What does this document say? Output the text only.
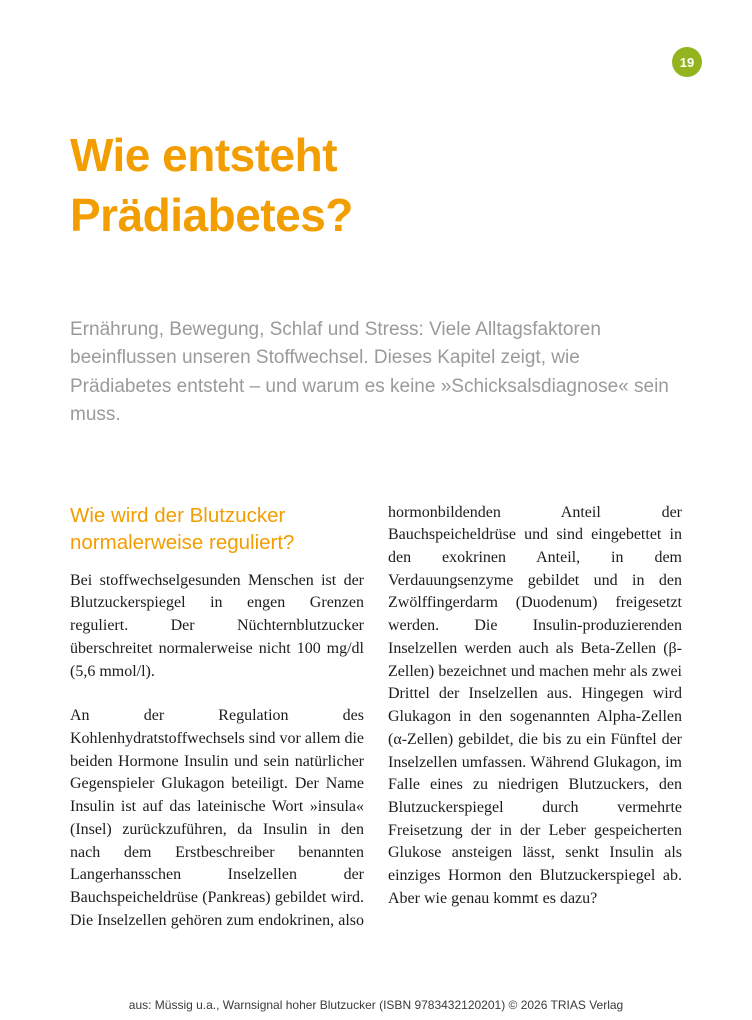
19
Wie entsteht Prädiabetes?

Ernährung, Bewegung, Schlaf und Stress: Viele Alltagsfaktoren beeinflussen unseren Stoffwechsel. Dieses Kapitel zeigt, wie Prädiabetes entsteht – und warum es keine »Schicksalsdiagnose« sein muss.

Wie wird der Blutzucker normalerweise reguliert?

Bei stoffwechselgesunden Menschen ist der Blutzuckerspiegel in engen Grenzen reguliert. Der Nüchternblutzucker überschreitet normalerweise nicht 100 mg/dl (5,6 mmol/l).

An der Regulation des Kohlenhydratstoffwechsels sind vor allem die beiden Hormone Insulin und sein natürlicher Gegenspieler Glukagon beteiligt. Der Name Insulin ist auf das lateinische Wort »insula« (Insel) zurückzuführen, da Insulin in den nach dem Erstbeschreiber benannten Langerhansschen Inselzellen der Bauchspeicheldrüse (Pankreas) gebildet wird. Die Inselzellen gehören zum endokrinen, also hormonbildenden Anteil der Bauchspeicheldrüse und sind eingebettet in den exokrinen Anteil, in dem Verdauungsenzyme gebildet und in den Zwölffingerdarm (Duodenum) freigesetzt werden. Die Insulin-produzierenden Inselzellen werden auch als Beta-Zellen (β-Zellen) bezeichnet und machen mehr als zwei Drittel der Inselzellen aus. Hingegen wird Glukagon in den sogenannten Alpha-Zellen (α-Zellen) gebildet, die bis zu ein Fünftel der Inselzellen umfassen. Während Glukagon, im Falle eines zu niedrigen Blutzuckers, den Blutzuckerspiegel durch vermehrte Freisetzung der in der Leber gespeicherten Glukose ansteigen lässt, senkt Insulin als einziges Hormon den Blutzuckerspiegel ab. Aber wie genau kommt es dazu?

aus: Müssig u.a., Warnsignal hoher Blutzucker (ISBN 9783432120201) © 2026 TRIAS Verlag
